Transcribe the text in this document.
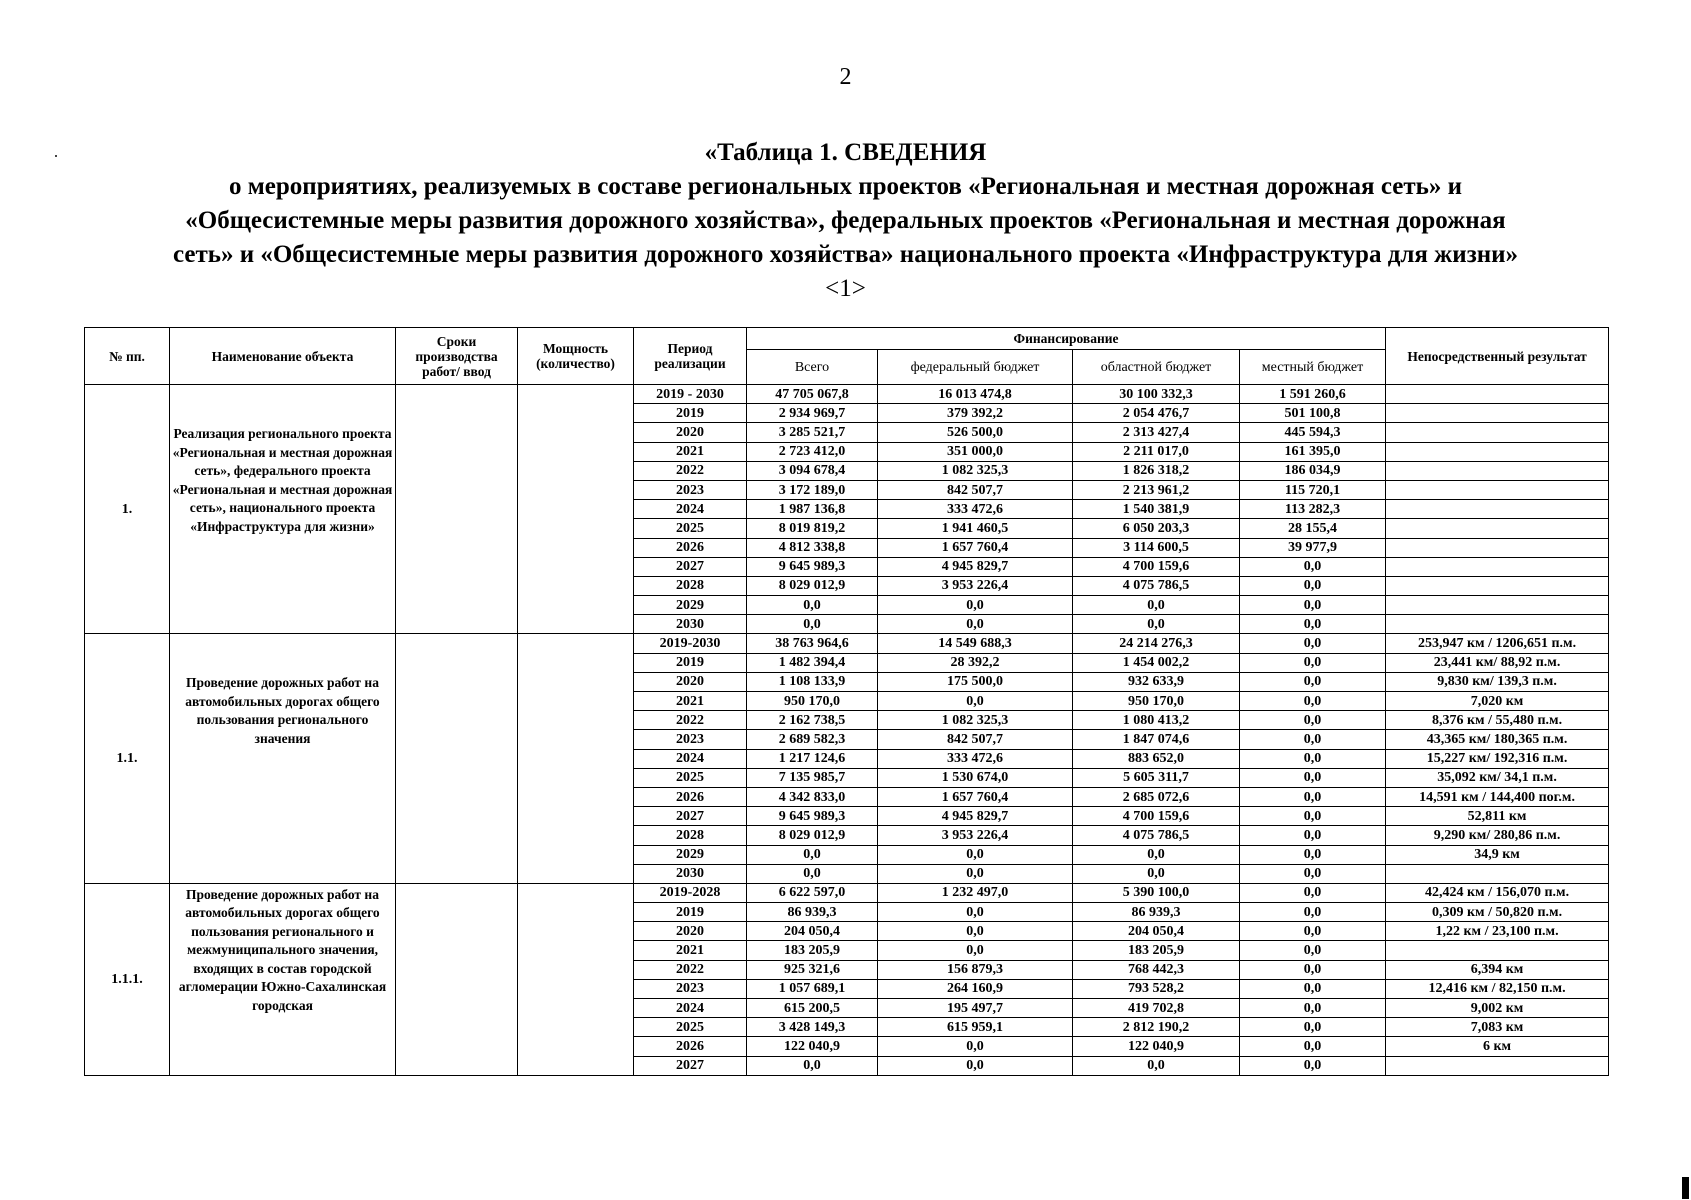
2
«Таблица 1. СВЕДЕНИЯ
о мероприятиях, реализуемых в составе региональных проектов «Региональная и местная дорожная сеть» и
«Общесистемные меры развития дорожного хозяйства», федеральных проектов «Региональная и местная дорожная
сеть» и «Общесистемные меры развития дорожного хозяйства» национального проекта «Инфраструктура для жизни»
<1>
№ пп.	Наименование объекта	Сроки производства работ/ ввод	Мощность (количество)	Период реализации	Финансирование				Непосредственный результат
					Всего	федеральный бюджет	областной бюджет	местный бюджет	
1.	Реализация регионального проекта «Региональная и местная дорожная сеть», федерального проекта «Региональная и местная дорожная сеть», национального проекта «Инфраструктура для жизни»			2019 - 2030	47 705 067,8	16 013 474,8	30 100 332,3	1 591 260,6	
				2019	2 934 969,7	379 392,2	2 054 476,7	501 100,8	
				2020	3 285 521,7	526 500,0	2 313 427,4	445 594,3	
				2021	2 723 412,0	351 000,0	2 211 017,0	161 395,0	
				2022	3 094 678,4	1 082 325,3	1 826 318,2	186 034,9	
				2023	3 172 189,0	842 507,7	2 213 961,2	115 720,1	
				2024	1 987 136,8	333 472,6	1 540 381,9	113 282,3	
				2025	8 019 819,2	1 941 460,5	6 050 203,3	28 155,4	
				2026	4 812 338,8	1 657 760,4	3 114 600,5	39 977,9	
				2027	9 645 989,3	4 945 829,7	4 700 159,6	0,0	
				2028	8 029 012,9	3 953 226,4	4 075 786,5	0,0	
				2029	0,0	0,0	0,0	0,0	
				2030	0,0	0,0	0,0	0,0	
1.1.	Проведение дорожных работ на автомобильных дорогах общего пользования регионального значения			2019-2030	38 763 964,6	14 549 688,3	24 214 276,3	0,0	253,947 км / 1206,651 п.м.
				2019	1 482 394,4	28 392,2	1 454 002,2	0,0	23,441 км/ 88,92 п.м.
				2020	1 108 133,9	175 500,0	932 633,9	0,0	9,830 км/ 139,3 п.м.
				2021	950 170,0	0,0	950 170,0	0,0	7,020 км
				2022	2 162 738,5	1 082 325,3	1 080 413,2	0,0	8,376 км / 55,480 п.м.
				2023	2 689 582,3	842 507,7	1 847 074,6	0,0	43,365 км/ 180,365 п.м.
				2024	1 217 124,6	333 472,6	883 652,0	0,0	15,227 км/ 192,316 п.м.
				2025	7 135 985,7	1 530 674,0	5 605 311,7	0,0	35,092 км/ 34,1 п.м.
				2026	4 342 833,0	1 657 760,4	2 685 072,6	0,0	14,591 км / 144,400 пог.м.
				2027	9 645 989,3	4 945 829,7	4 700 159,6	0,0	52,811 км
				2028	8 029 012,9	3 953 226,4	4 075 786,5	0,0	9,290 км/ 280,86 п.м.
				2029	0,0	0,0	0,0	0,0	34,9 км
				2030	0,0	0,0	0,0	0,0	
1.1.1.	Проведение дорожных работ на автомобильных дорогах общего пользования регионального и межмуниципального значения, входящих в состав городской агломерации Южно-Сахалинская городская			2019-2028	6 622 597,0	1 232 497,0	5 390 100,0	0,0	42,424 км / 156,070 п.м.
				2019	86 939,3	0,0	86 939,3	0,0	0,309 км / 50,820 п.м.
				2020	204 050,4	0,0	204 050,4	0,0	1,22 км / 23,100 п.м.
				2021	183 205,9	0,0	183 205,9	0,0	
				2022	925 321,6	156 879,3	768 442,3	0,0	6,394 км
				2023	1 057 689,1	264 160,9	793 528,2	0,0	12,416 км / 82,150 п.м.
				2024	615 200,5	195 497,7	419 702,8	0,0	9,002 км
				2025	3 428 149,3	615 959,1	2 812 190,2	0,0	7,083 км
				2026	122 040,9	0,0	122 040,9	0,0	6 км
				2027	0,0	0,0	0,0	0,0	
